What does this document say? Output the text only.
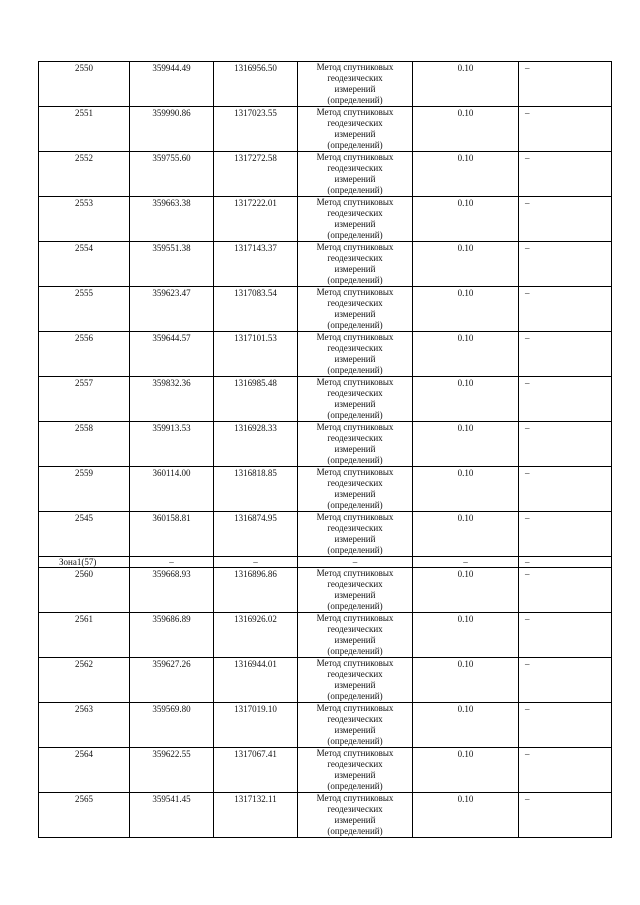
2550	359944.49	1316956.50	Метод спутниковых
геодезических
измерений
(определений)	0.10	–
2551	359990.86	1317023.55	Метод спутниковых
геодезических
измерений
(определений)	0.10	–
2552	359755.60	1317272.58	Метод спутниковых
геодезических
измерений
(определений)	0.10	–
2553	359663.38	1317222.01	Метод спутниковых
геодезических
измерений
(определений)	0.10	–
2554	359551.38	1317143.37	Метод спутниковых
геодезических
измерений
(определений)	0.10	–
2555	359623.47	1317083.54	Метод спутниковых
геодезических
измерений
(определений)	0.10	–
2556	359644.57	1317101.53	Метод спутниковых
геодезических
измерений
(определений)	0.10	–
2557	359832.36	1316985.48	Метод спутниковых
геодезических
измерений
(определений)	0.10	–
2558	359913.53	1316928.33	Метод спутниковых
геодезических
измерений
(определений)	0.10	–
2559	360114.00	1316818.85	Метод спутниковых
геодезических
измерений
(определений)	0.10	–
2545	360158.81	1316874.95	Метод спутниковых
геодезических
измерений
(определений)	0.10	–
Зона1(57)	–	–	–	–	–
2560	359668.93	1316896.86	Метод спутниковых
геодезических
измерений
(определений)	0.10	–
2561	359686.89	1316926.02	Метод спутниковых
геодезических
измерений
(определений)	0.10	–
2562	359627.26	1316944.01	Метод спутниковых
геодезических
измерений
(определений)	0.10	–
2563	359569.80	1317019.10	Метод спутниковых
геодезических
измерений
(определений)	0.10	–
2564	359622.55	1317067.41	Метод спутниковых
геодезических
измерений
(определений)	0.10	–
2565	359541.45	1317132.11	Метод спутниковых
геодезических
измерений
(определений)	0.10	–
